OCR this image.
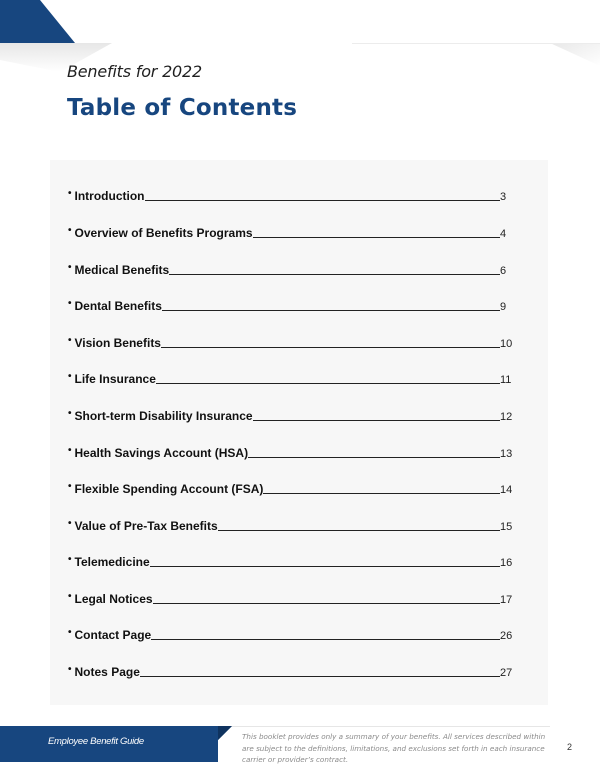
Benefits for 2022
Table of Contents
• Introduction	3
• Overview of Benefits Programs	4
• Medical Benefits	6
• Dental Benefits	9
• Vision Benefits	10
• Life Insurance	11
• Short-term Disability Insurance	12
• Health Savings Account (HSA)	13
• Flexible Spending Account (FSA)	14
• Value of Pre-Tax Benefits	15
• Telemedicine	16
• Legal Notices	17
• Contact Page	26
• Notes Page	27
Employee Benefit Guide	This booklet provides only a summary of your benefits. All services described within are subject to the definitions, limitations, and exclusions set forth in each insurance carrier or provider’s contract.
2
